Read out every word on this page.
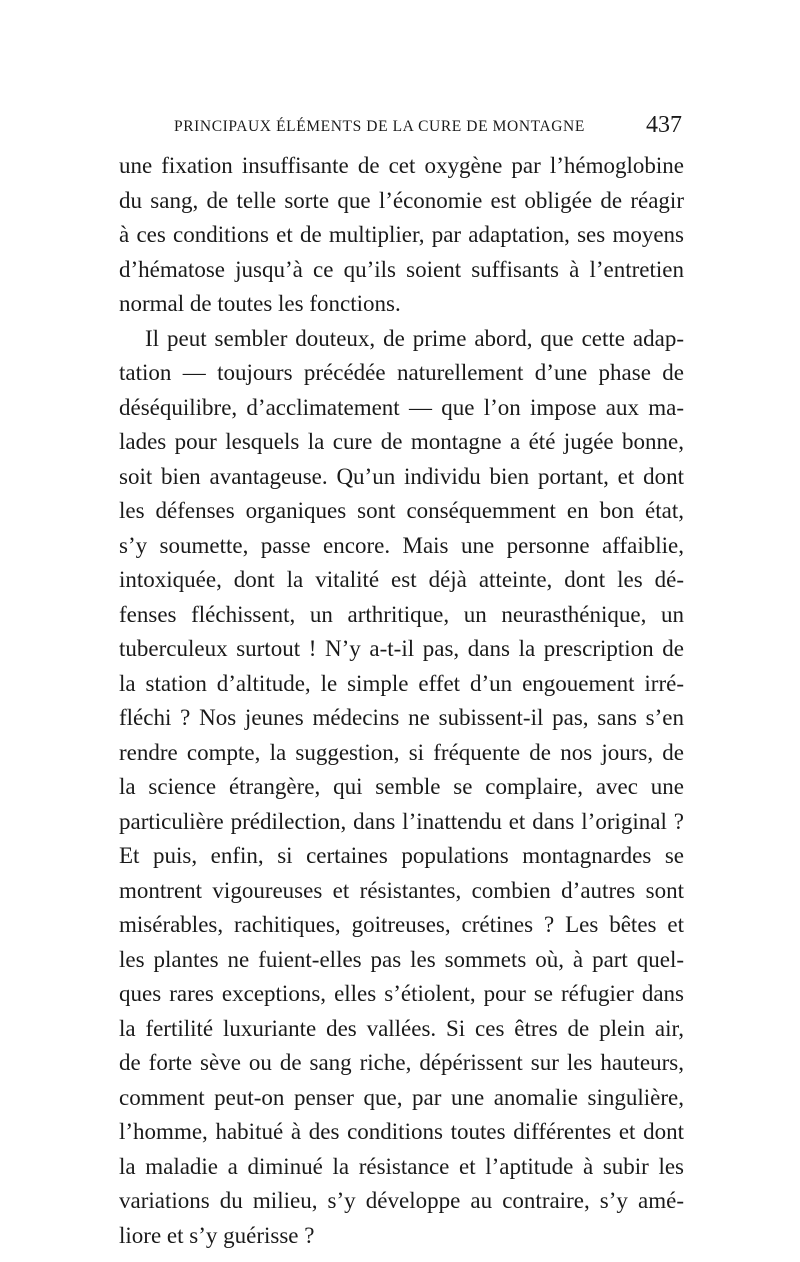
PRINCIPAUX ÉLÉMENTS DE LA CURE DE MONTAGNE	437
une fixation insuffisante de cet oxygène par l’hémoglobine
du sang, de telle sorte que l’économie est obligée de réagir
à ces conditions et de multiplier, par adaptation, ses moyens
d’hématose jusqu’à ce qu’ils soient suffisants à l’entretien
normal de toutes les fonctions.
Il peut sembler douteux, de prime abord, que cette adap-
tation — toujours précédée naturellement d’une phase de
déséquilibre, d’acclimatement — que l’on impose aux ma-
lades pour lesquels la cure de montagne a été jugée bonne,
soit bien avantageuse. Qu’un individu bien portant, et dont
les défenses organiques sont conséquemment en bon état,
s’y soumette, passe encore. Mais une personne affaiblie,
intoxiquée, dont la vitalité est déjà atteinte, dont les dé-
fenses fléchissent, un arthritique, un neurasthénique, un
tuberculeux surtout ! N’y a-t-il pas, dans la prescription de
la station d’altitude, le simple effet d’un engouement irré-
fléchi ? Nos jeunes médecins ne subissent-il pas, sans s’en
rendre compte, la suggestion, si fréquente de nos jours, de
la science étrangère, qui semble se complaire, avec une
particulière prédilection, dans l’inattendu et dans l’original ?
Et puis, enfin, si certaines populations montagnardes se
montrent vigoureuses et résistantes, combien d’autres sont
misérables, rachitiques, goitreuses, crétines ? Les bêtes et
les plantes ne fuient-elles pas les sommets où, à part quel-
ques rares exceptions, elles s’étiolent, pour se réfugier dans
la fertilité luxuriante des vallées. Si ces êtres de plein air,
de forte sève ou de sang riche, dépérissent sur les hauteurs,
comment peut-on penser que, par une anomalie singulière,
l’homme, habitué à des conditions toutes différentes et dont
la maladie a diminué la résistance et l’aptitude à subir les
variations du milieu, s’y développe au contraire, s’y amé-
liore et s’y guérisse ?
